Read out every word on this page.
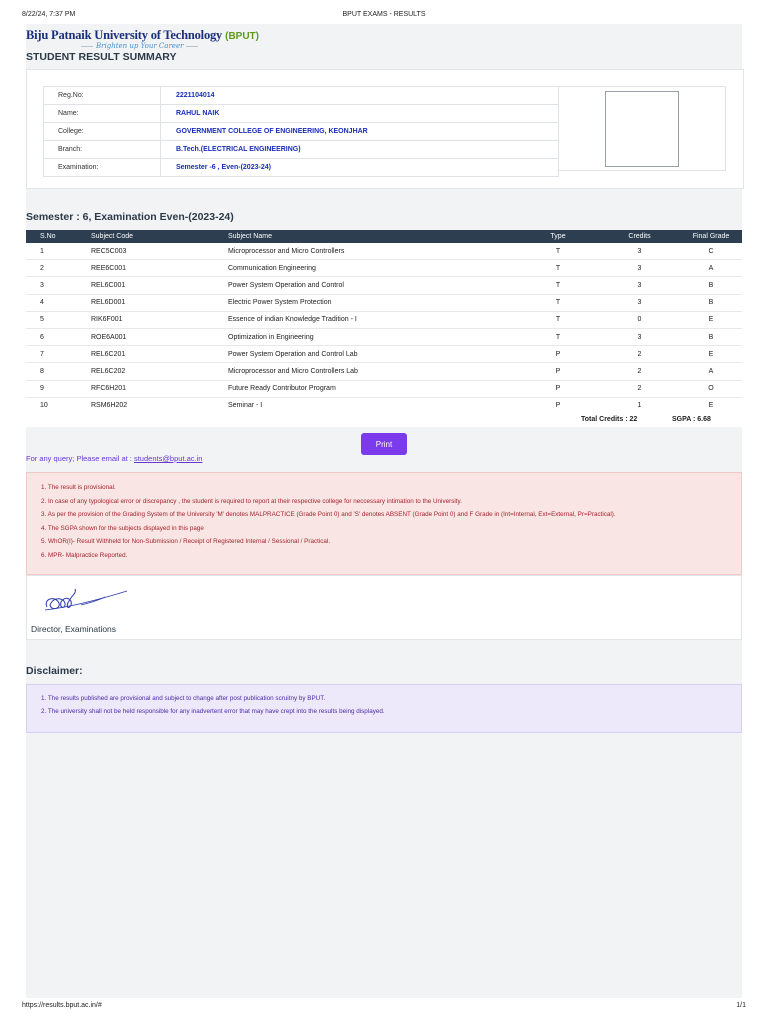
8/22/24, 7:37 PM	BPUT EXAMS - RESULTS
Biju Patnaik University of Technology (BPUT)
Brighten up Your Career
STUDENT RESULT SUMMARY
Reg.No:	2221104014
Name:	RAHUL NAIK
College:	GOVERNMENT COLLEGE OF ENGINEERING, KEONJHAR
Branch:	B.Tech.(ELECTRICAL ENGINEERING)
Examination:	Semester -6 , Even-(2023-24)
Semester : 6, Examination Even-(2023-24)
S.No	Subject Code	Subject Name	Type	Credits	Final Grade
1	REC5C003	Microprocessor and Micro Controllers	T	3	C
2	REE6C001	Communication Engineering	T	3	A
3	REL6C001	Power System Operation and Control	T	3	B
4	REL6D001	Electric Power System Protection	T	3	B
5	RIK6F001	Essence of indian Knowledge Tradition - I	T	0	E
6	ROE6A001	Optimization in Engineering	T	3	B
7	REL6C201	Power System Operation and Control Lab	P	2	E
8	REL6C202	Microprocessor and Micro Controllers Lab	P	2	A
9	RFC6H201	Future Ready Contributor Program	P	2	O
10	RSM6H202	Seminar - I	P	1	E
Total Credits : 22	SGPA : 6.68
Print
For any query; Please email at : students@bput.ac.in
1. The result is provisional.
2. In case of any typological error or discrepancy , the student is required to report at their respective college for neccessary intimation to the University.
3. As per the provision of the Grading System of the University 'M' denotes MALPRACTICE (Grade Point 0) and 'S' denotes ABSENT (Grade Point 0) and F Grade in (Int=Internal, Ext=External, Pr=Practical).
4. The SGPA shown for the subjects displayed in this page
5. WhOR(I)- Result Withheld for Non-Submission / Receipt of Registered Internal / Sessional / Practical.
6. MPR- Malpractice Reported.
Director, Examinations
Disclaimer:
1. The results published are provisional and subject to change after post publication scruitny by BPUT.
2. The university shall not be held responsible for any inadvertent error that may have crept into the results being displayed.
https://results.bput.ac.in/#	1/1
